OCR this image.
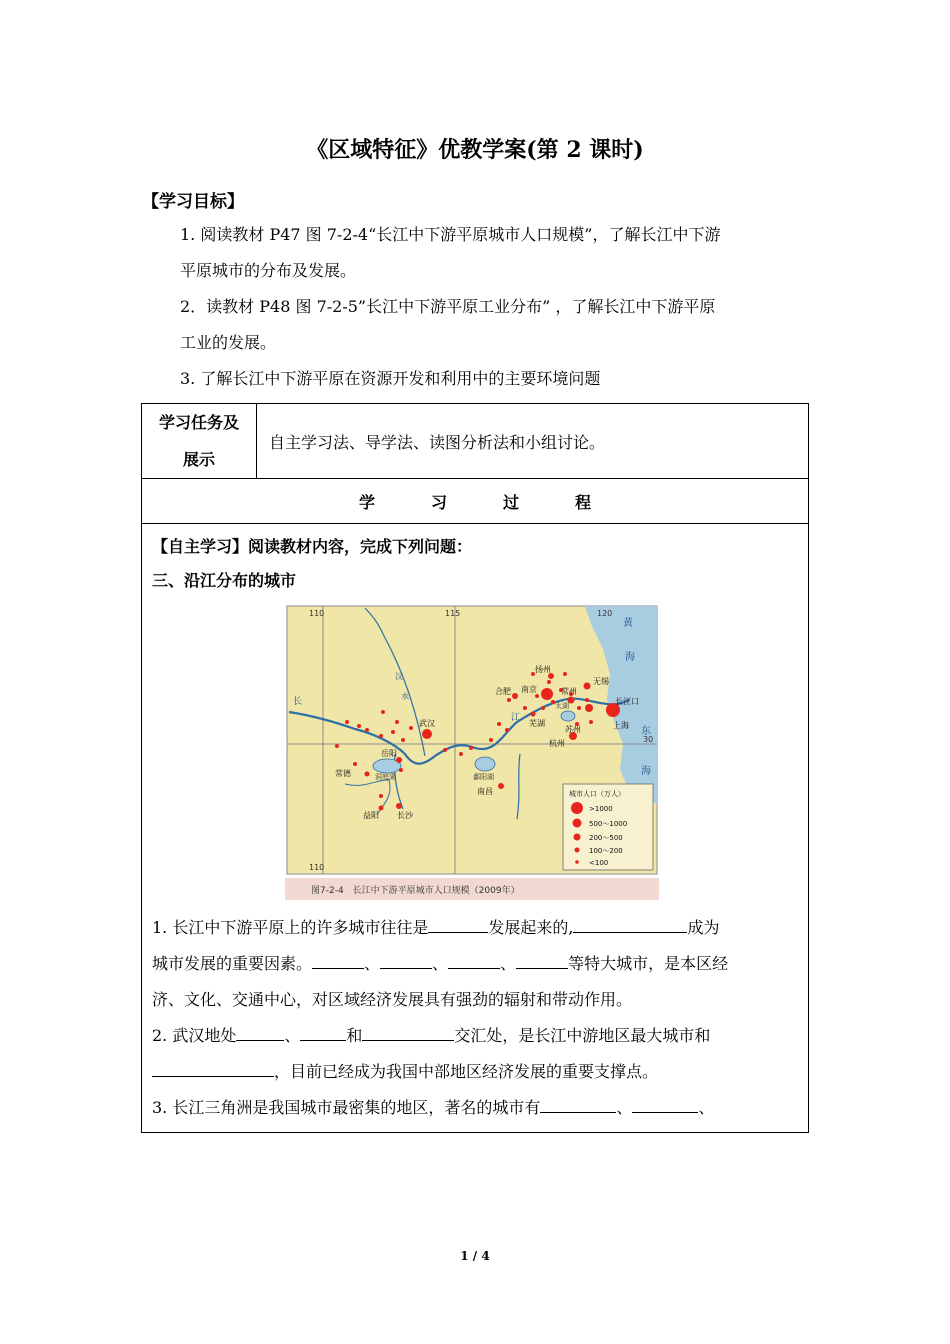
《区域特征》优教学案(第 2 课时)
【学习目标】
1. 阅读教材 P47 图 7-2-4“长江中下游平原城市人口规模”，了解长江中下游
平原城市的分布及发展。
2．读教材 P48 图 7-2-5”长江中下游平原工业分布” ，了解长江中下游平原
工业的发展。
3. 了解长江中下游平原在资源开发和利用中的主要环境问题
学习任务及
展示
	自主学习法、导学法、读图分析法和小组讨论。
学	习	过	程

【自主学习】阅读教材内容，完成下列问题：
三、沿江分布的城市
115	120
30
110
110
黄
海
东
海
长
江
汉
水
洞庭湖	鄱阳湖
太湖
武汉
合肥 南京
扬州
常州
无锡
苏州	上海
杭州
芜湖
岳阳
常德
益阳 长沙
南昌
长江口
城市人口（万人）
>1000
500～1000
200～500
100～200
<100
图7-2-4　长江中下游平原城市人口规模（2009年）
1. 长江中下游平原上的许多城市往往是	发展起来的,	成为
城市发展的重要因素。	、	、	、	等特大城市，是本区经
济、文化、交通中心，对区域经济发展具有强劲的辐射和带动作用。
2. 武汉地处	、	和	交汇处，是长江中游地区最大城市和
，目前已经成为我国中部地区经济发展的重要支撑点。
3. 长江三角洲是我国城市最密集的地区，著名的城市有	、	、
1 / 4
